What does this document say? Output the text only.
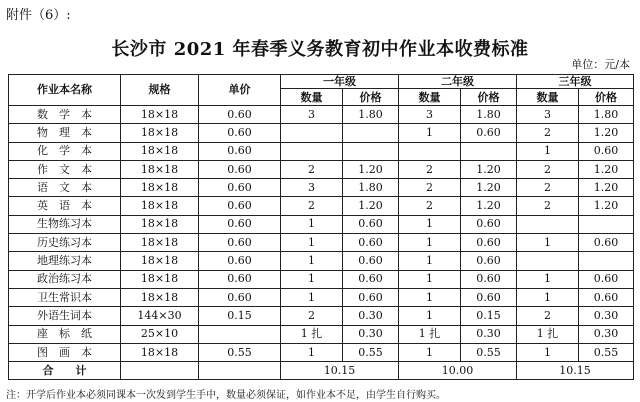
附件（6）:
长沙市 2021 年春季义务教育初中作业本收费标准
单位：元/本
作业本名称	规格	单价	一年级		二年级		三年级	
			数量	价格	数量	价格	数量	价格
数　学　本	18×18	0.60	3	1.80	3	1.80	3	1.80
物　理　本	18×18	0.60			1	0.60	2	1.20
化　学　本	18×18	0.60					1	0.60
作　文　本	18×18	0.60	2	1.20	2	1.20	2	1.20
语　文　本	18×18	0.60	3	1.80	2	1.20	2	1.20
英　语　本	18×18	0.60	2	1.20	2	1.20	2	1.20
生物练习本	18×18	0.60	1	0.60	1	0.60		
历史练习本	18×18	0.60	1	0.60	1	0.60	1	0.60
地理练习本	18×18	0.60	1	0.60	1	0.60		
政治练习本	18×18	0.60	1	0.60	1	0.60	1	0.60
卫生常识本	18×18	0.60	1	0.60	1	0.60	1	0.60
外语生词本	144×30	0.15	2	0.30	1	0.15	2	0.30
座　标　纸	25×10		1 扎	0.30	1 扎	0.30	1 扎	0.30
图　画　本	18×18	0.55	1	0.55	1	0.55	1	0.55
合　　计			10.15		10.00		10.15	
注：开学后作业本必须同课本一次发到学生手中，数量必须保证，如作业本不足，由学生自行购买。
